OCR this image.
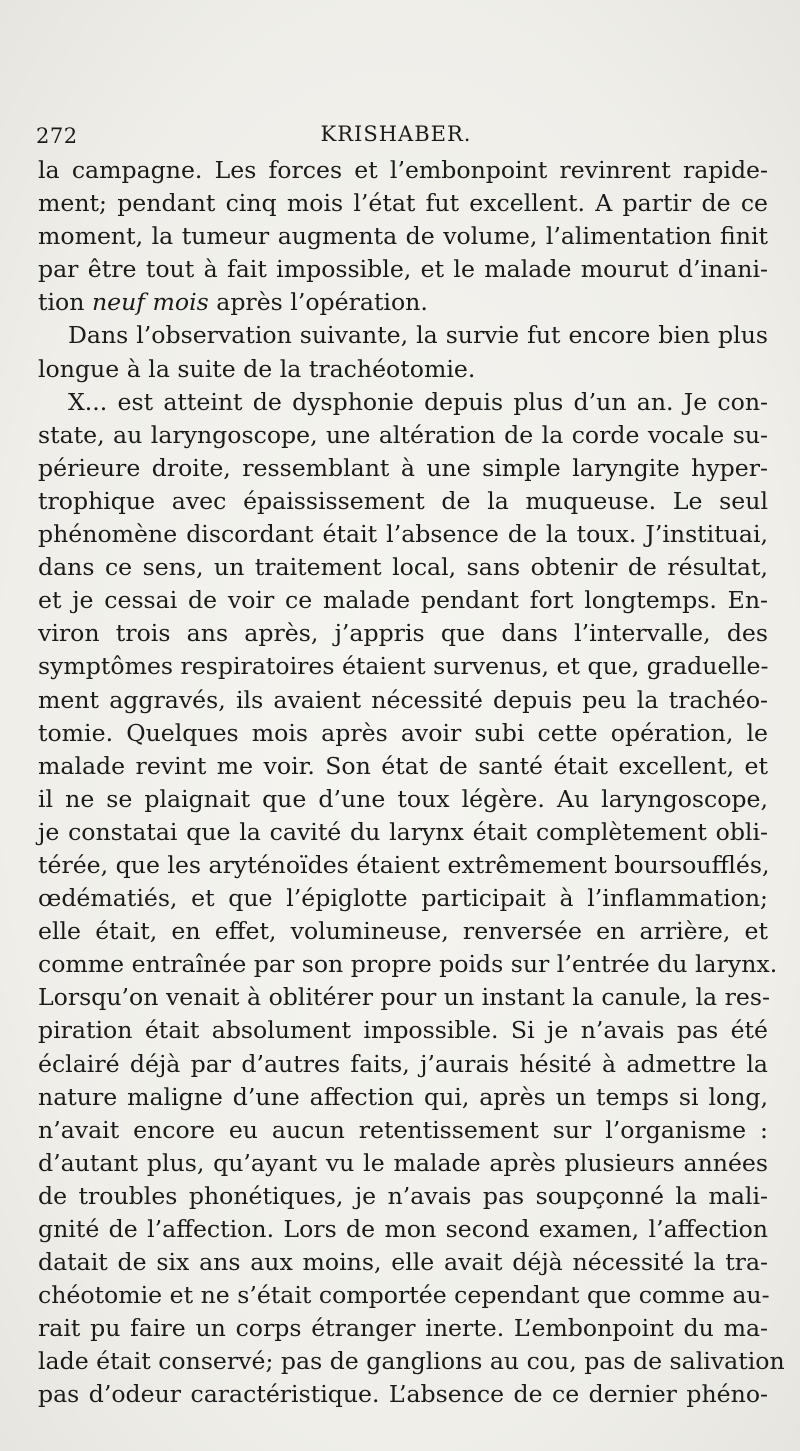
272	KRISHABER.
la campagne. Les forces et l’embonpoint revinrent rapide-
ment; pendant cinq mois l’état fut excellent. A partir de ce
moment, la tumeur augmenta de volume, l’alimentation finit
par être tout à fait impossible, et le malade mourut d’inani-
tion neuf mois après l’opération.
Dans l’observation suivante, la survie fut encore bien plus
longue à la suite de la trachéotomie.
X... est atteint de dysphonie depuis plus d’un an. Je con-
state, au laryngoscope, une altération de la corde vocale su-
périeure droite, ressemblant à une simple laryngite hyper-
trophique avec épaississement de la muqueuse. Le seul
phénomène discordant était l’absence de la toux. J’instituai,
dans ce sens, un traitement local, sans obtenir de résultat,
et je cessai de voir ce malade pendant fort longtemps. En-
viron trois ans après, j’appris que dans l’intervalle, des
symptômes respiratoires étaient survenus, et que, graduelle-
ment aggravés, ils avaient nécessité depuis peu la trachéo-
tomie. Quelques mois après avoir subi cette opération, le
malade revint me voir. Son état de santé était excellent, et
il ne se plaignait que d’une toux légère. Au laryngoscope,
je constatai que la cavité du larynx était complètement obli-
térée, que les aryténoïdes étaient extrêmement boursoufflés,
œdématiés, et que l’épiglotte participait à l’inflammation;
elle était, en effet, volumineuse, renversée en arrière, et
comme entraînée par son propre poids sur l’entrée du larynx.
Lorsqu’on venait à oblitérer pour un instant la canule, la res-
piration était absolument impossible. Si je n’avais pas été
éclairé déjà par d’autres faits, j’aurais hésité à admettre la
nature maligne d’une affection qui, après un temps si long,
n’avait encore eu aucun retentissement sur l’organisme :
d’autant plus, qu’ayant vu le malade après plusieurs années
de troubles phonétiques, je n’avais pas soupçonné la mali-
gnité de l’affection. Lors de mon second examen, l’affection
datait de six ans aux moins, elle avait déjà nécessité la tra-
chéotomie et ne s’était comportée cependant que comme au-
rait pu faire un corps étranger inerte. L’embonpoint du ma-
lade était conservé; pas de ganglions au cou, pas de salivation
pas d’odeur caractéristique. L’absence de ce dernier phéno-
